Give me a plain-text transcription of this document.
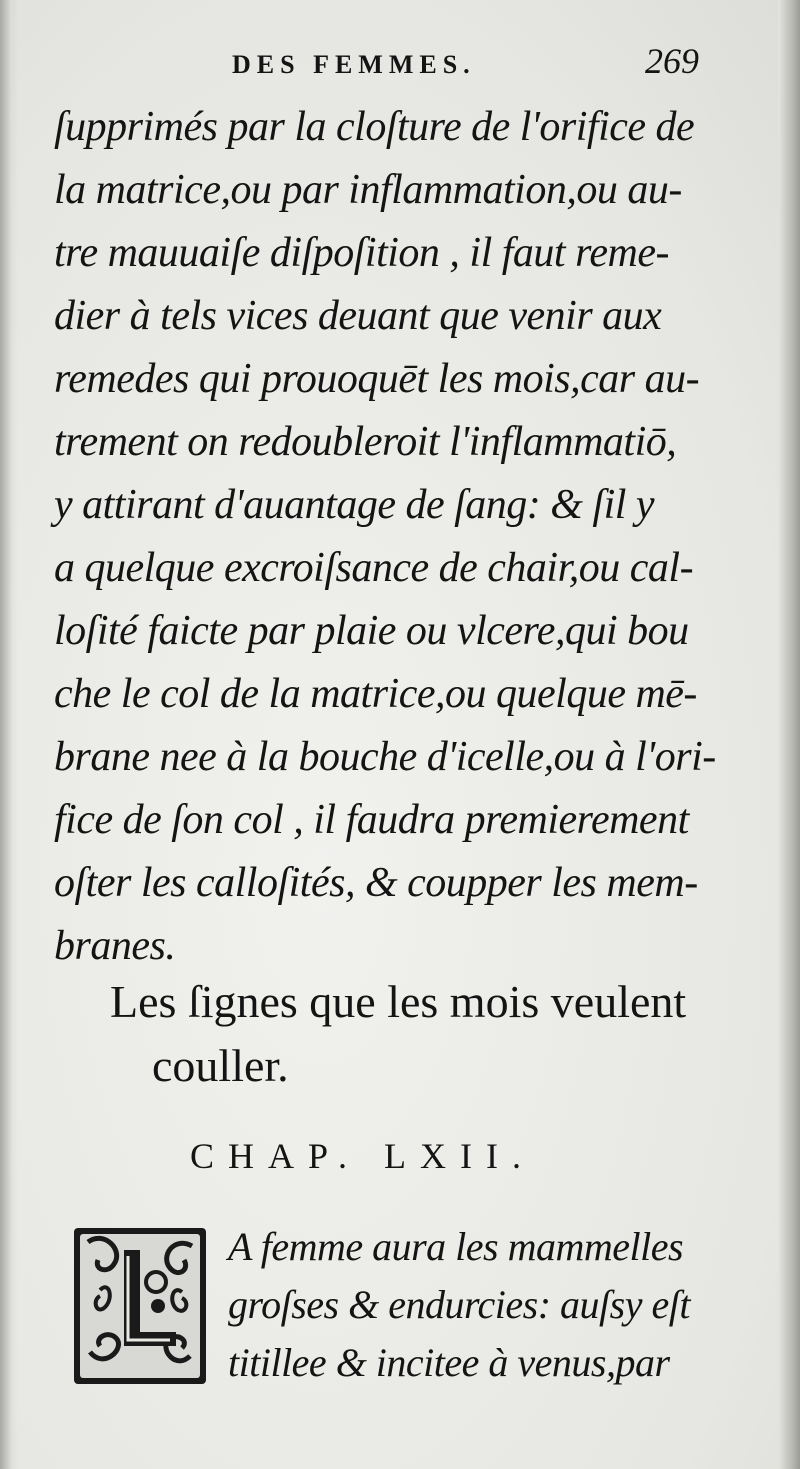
DES FEMMES.	269
ſupprimés par la cloſture de l'orifice de
la matrice,ou par inflammation,ou au-
tre mauuaiſe diſpoſition , il faut reme-
dier à tels vices deuant que venir aux
remedes qui prouoquēt les mois,car au-
trement on redoubleroit l'inflammatiō,
y attirant d'auantage de ſang: & ſil y
a quelque excroiſsance de chair,ou cal-
loſité faicte par plaie ou vlcere,qui bou
che le col de la matrice,ou quelque mē-
brane nee à la bouche d'icelle,ou à l'ori-
fice de ſon col , il faudra premierement
oſter les calloſités, & coupper les mem-
branes.
Les ſignes que les mois veulent
couller.
CHAP. LXII.
A femme aura les mammelles
groſses & endurcies: auſsy eſt
titillee & incitee à venus,par
